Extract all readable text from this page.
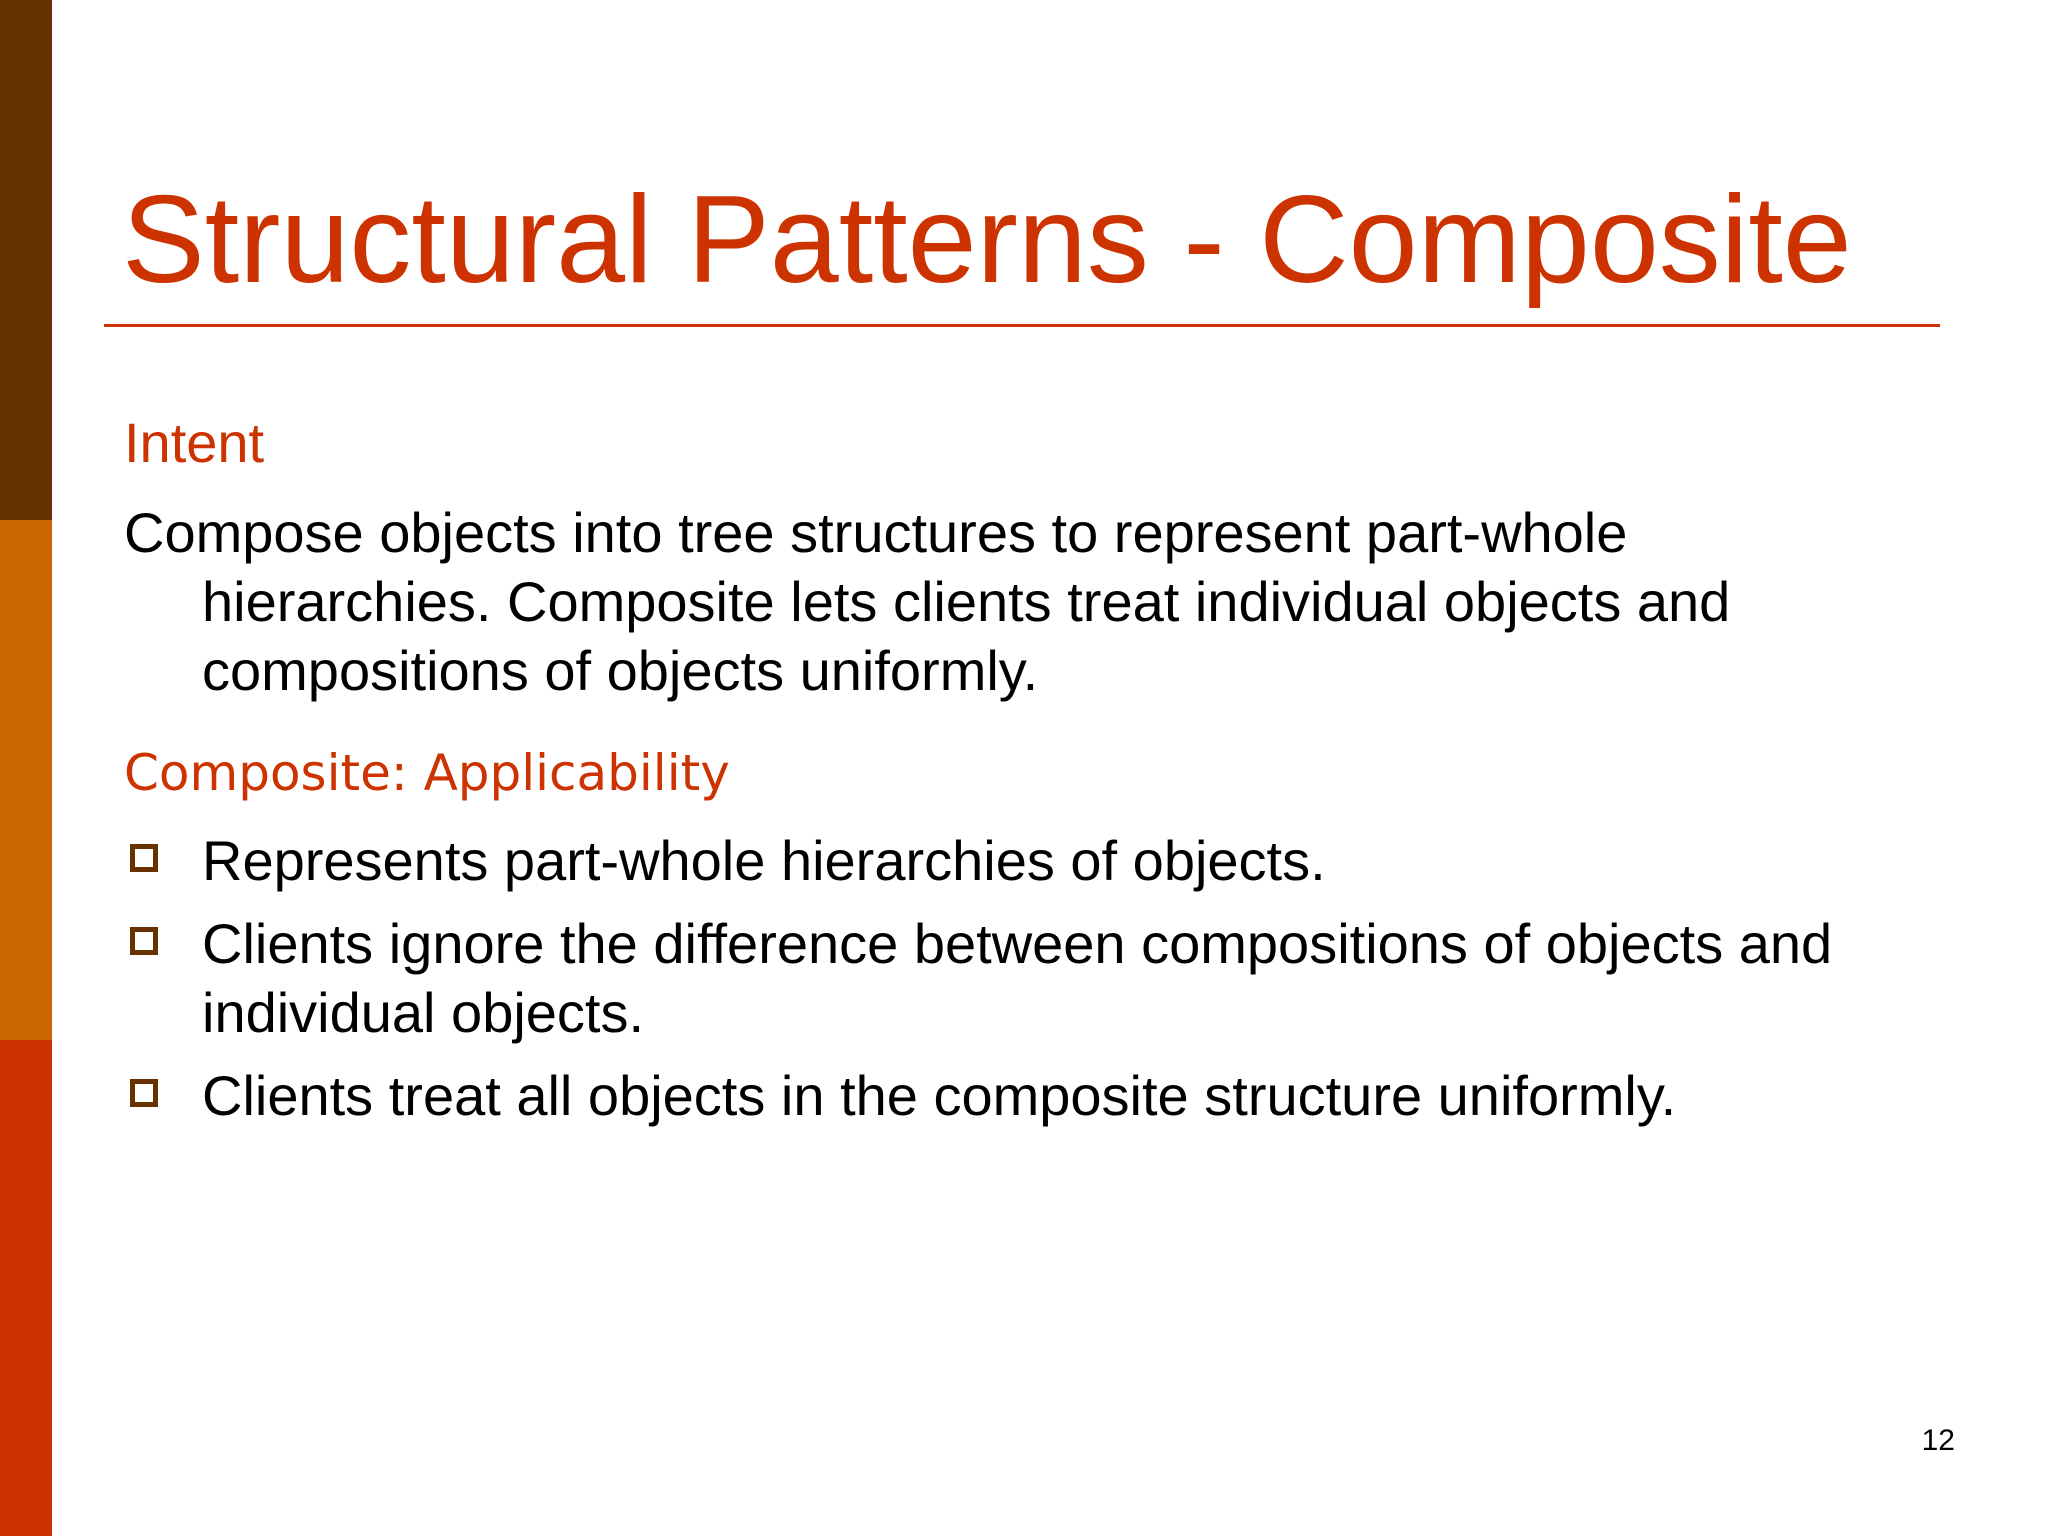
Structural Patterns - Composite
Intent

Compose objects into tree structures to represent part-whole hierarchies. Composite lets clients treat individual objects and compositions of objects uniformly.

Composite: Applicability
Represents part-whole hierarchies of objects.
Clients ignore the difference between compositions of objects and individual objects.
Clients treat all objects in the composite structure uniformly.
12
